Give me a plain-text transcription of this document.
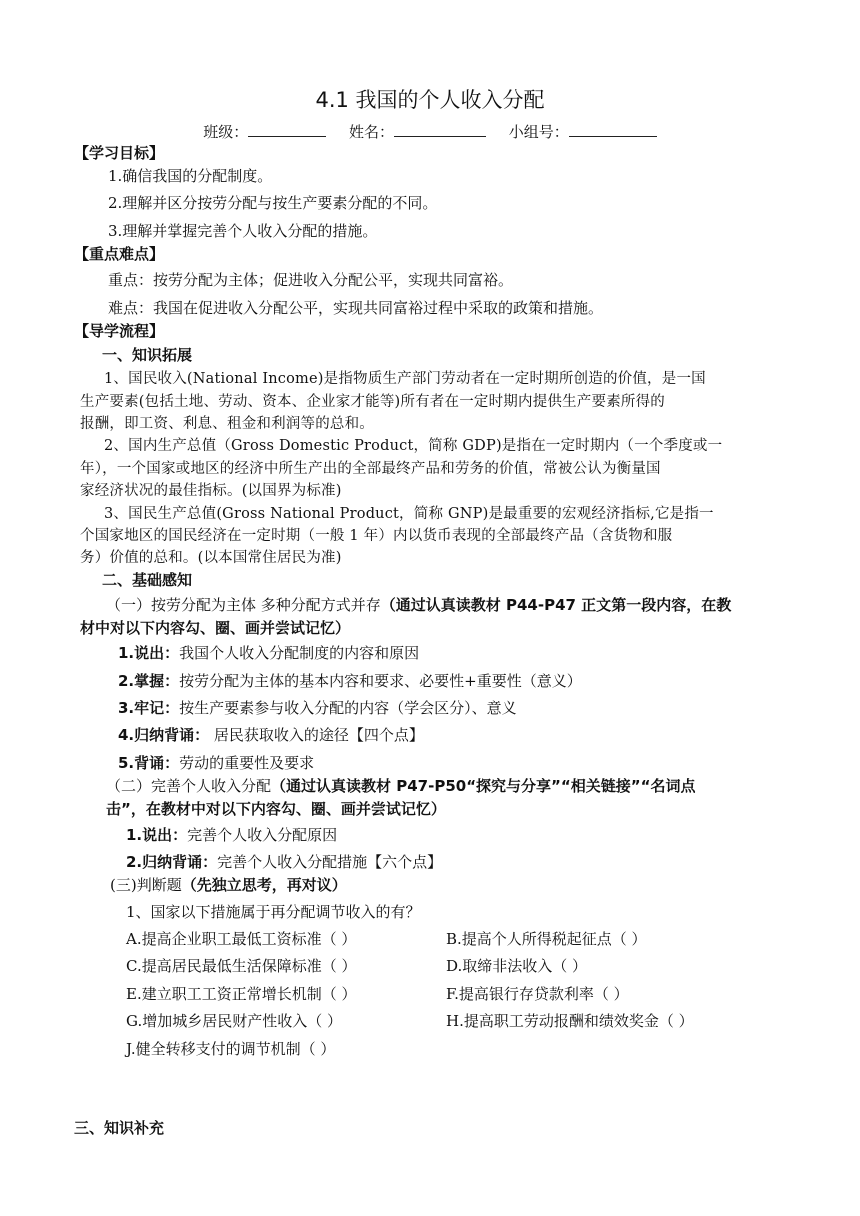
4.1 我国的个人收入分配
班级：	姓名：	小组号：
【学习目标】
1.确信我国的分配制度。
2.理解并区分按劳分配与按生产要素分配的不同。
3.理解并掌握完善个人收入分配的措施。
【重点难点】
重点：按劳分配为主体；促进收入分配公平，实现共同富裕。
难点：我国在促进收入分配公平，实现共同富裕过程中采取的政策和措施。
【导学流程】
一、知识拓展
1、国民收入(National Income)是指物质生产部门劳动者在一定时期所创造的价值，是一国
生产要素(包括土地、劳动、资本、企业家才能等)所有者在一定时期内提供生产要素所得的
报酬，即工资、利息、租金和利润等的总和。
2、国内生产总值（Gross Domestic Product，简称 GDP)是指在一定时期内（一个季度或一
年），一个国家或地区的经济中所生产出的全部最终产品和劳务的价值，常被公认为衡量国
家经济状况的最佳指标。(以国界为标准)
3、国民生产总值(Gross National Product，简称 GNP)是最重要的宏观经济指标,它是指一
个国家地区的国民经济在一定时期（一般 1 年）内以货币表现的全部最终产品（含货物和服
务）价值的总和。(以本国常住居民为准)
二、基础感知
（一）按劳分配为主体 多种分配方式并存（通过认真读教材 P44-P47 正文第一段内容，在教
材中对以下内容勾、圈、画并尝试记忆）
1.说出：我国个人收入分配制度的内容和原因
2.掌握：按劳分配为主体的基本内容和要求、必要性+重要性（意义）
3.牢记：按生产要素参与收入分配的内容（学会区分）、意义
4.归纳背诵： 居民获取收入的途径【四个点】
5.背诵：劳动的重要性及要求
（二）完善个人收入分配（通过认真读教材 P47-P50“探究与分享”“相关链接”“名词点
击”，在教材中对以下内容勾、圈、画并尝试记忆）
1.说出：完善个人收入分配原因
2.归纳背诵：完善个人收入分配措施【六个点】
(三)判断题（先独立思考，再对议）
1、国家以下措施属于再分配调节收入的有？
A.提高企业职工最低工资标准（ ）	B.提高个人所得税起征点（ ）
C.提高居民最低生活保障标准（ ）	D.取缔非法收入（ ）
E.建立职工工资正常增长机制（ ）	F.提高银行存贷款利率（ ）
G.增加城乡居民财产性收入（ ）	H.提高职工劳动报酬和绩效奖金（ ）
J.健全转移支付的调节机制（ ）
三、知识补充
